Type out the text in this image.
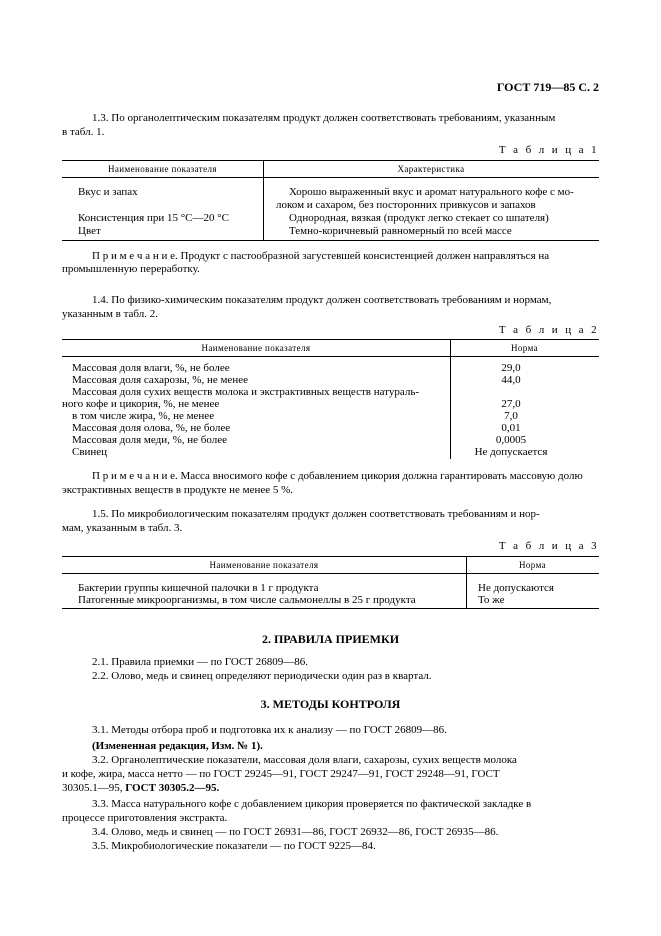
ГОСТ 719—85 С. 2
1.3. По органолептическим показателям продукт должен соответствовать требованиям, указанным
в табл. 1.
Т а б л и ц а 1
Наименование показателя	Характеристика
Вкус и запах	Хорошо выраженный вкус и аромат натурального кофе с мо-
локом и сахаром, без посторонних привкусов и запахов
Консистенция при 15 °С—20 °С	Однородная, вязкая (продукт легко стекает со шпателя)
Цвет	Темно-коричневый равномерный по всей массе
П р и м е ч а н и е. Продукт с пастообразной загустевшей консистенцией должен направляться на
промышленную переработку.
1.4. По физико-химическим показателям продукт должен соответствовать требованиям и нормам,
указанным в табл. 2.
Т а б л и ц а 2
Наименование показателя	Норма
Массовая доля влаги, %, не более	29,0
Массовая доля сахарозы, %, не менее	44,0
Массовая доля сухих веществ молока и экстрактивных веществ натураль-
ного кофе и цикория, %, не менее	27,0
в том числе жира, %, не менее	7,0
Массовая доля олова, %, не более	0,01
Массовая доля меди, %, не более	0,0005
Свинец	Не допускается
П р и м е ч а н и е. Масса вносимого кофе с добавлением цикория должна гарантировать массовую долю
экстрактивных веществ в продукте не менее 5 %.
1.5. По микробиологическим показателям продукт должен соответствовать требованиям и нор-
мам, указанным в табл. 3.
Т а б л и ц а 3
Наименование показателя	Норма
Бактерии группы кишечной палочки в 1 г продукта	Не допускаются
Патогенные микроорганизмы, в том числе сальмонеллы в 25 г продукта	То же
2. ПРАВИЛА ПРИЕМКИ
2.1. Правила приемки — по ГОСТ 26809—86.
2.2. Олово, медь и свинец определяют периодически один раз в квартал.
3. МЕТОДЫ КОНТРОЛЯ
3.1. Методы отбора проб и подготовка их к анализу — по ГОСТ 26809—86.
(Измененная редакция, Изм. № 1).
3.2. Органолептические показатели, массовая доля влаги, сахарозы, сухих веществ молока
и кофе, жира, масса нетто — по ГОСТ 29245—91, ГОСТ 29247—91, ГОСТ 29248—91, ГОСТ
30305.1—95, ГОСТ 30305.2—95.
3.3. Масса натурального кофе с добавлением цикория проверяется по фактической закладке в
процессе приготовления экстракта.
3.4. Олово, медь и свинец — по ГОСТ 26931—86, ГОСТ 26932—86, ГОСТ 26935—86.
3.5. Микробиологические показатели — по ГОСТ 9225—84.
